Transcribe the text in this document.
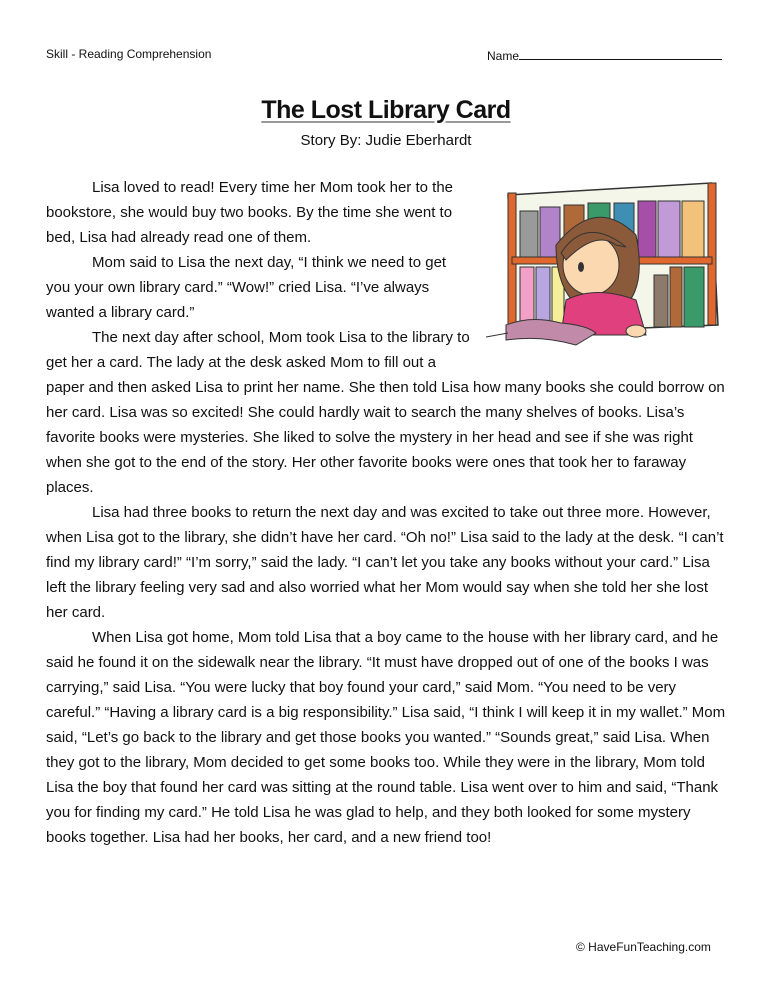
Skill - Reading Comprehension	Name
The Lost Library Card
Story By: Judie Eberhardt

Lisa loved to read! Every time her Mom took her to the bookstore, she would buy two books. By the time she went to bed, Lisa had already read one of them.

Mom said to Lisa the next day, “I think we need to get you your own library card.” “Wow!” cried Lisa. “I’ve always wanted a library card.”

The next day after school, Mom took Lisa to the library to get her a card. The lady at the desk asked Mom to fill out a paper and then asked Lisa to print her name. She then told Lisa how many books she could borrow on her card. Lisa was so excited! She could hardly wait to search the many shelves of books. Lisa’s favorite books were mysteries. She liked to solve the mystery in her head and see if she was right when she got to the end of the story. Her other favorite books were ones that took her to faraway places.

Lisa had three books to return the next day and was excited to take out three more. However, when Lisa got to the library, she didn’t have her card. “Oh no!” Lisa said to the lady at the desk. “I can’t find my library card!” “I’m sorry,” said the lady. “I can’t let you take any books without your card.” Lisa left the library feeling very sad and also worried what her Mom would say when she told her she lost her card.

When Lisa got home, Mom told Lisa that a boy came to the house with her library card, and he said he found it on the sidewalk near the library. “It must have dropped out of one of the books I was carrying,” said Lisa. “You were lucky that boy found your card,” said Mom. “You need to be very careful.” “Having a library card is a big responsibility.” Lisa said, “I think I will keep it in my wallet.” Mom said, “Let’s go back to the library and get those books you wanted.” “Sounds great,” said Lisa. When they got to the library, Mom decided to get some books too. While they were in the library, Mom told Lisa the boy that found her card was sitting at the round table. Lisa went over to him and said, “Thank you for finding my card.” He told Lisa he was glad to help, and they both looked for some mystery books together. Lisa had her books, her card, and a new friend too!

© HaveFunTeaching.com
